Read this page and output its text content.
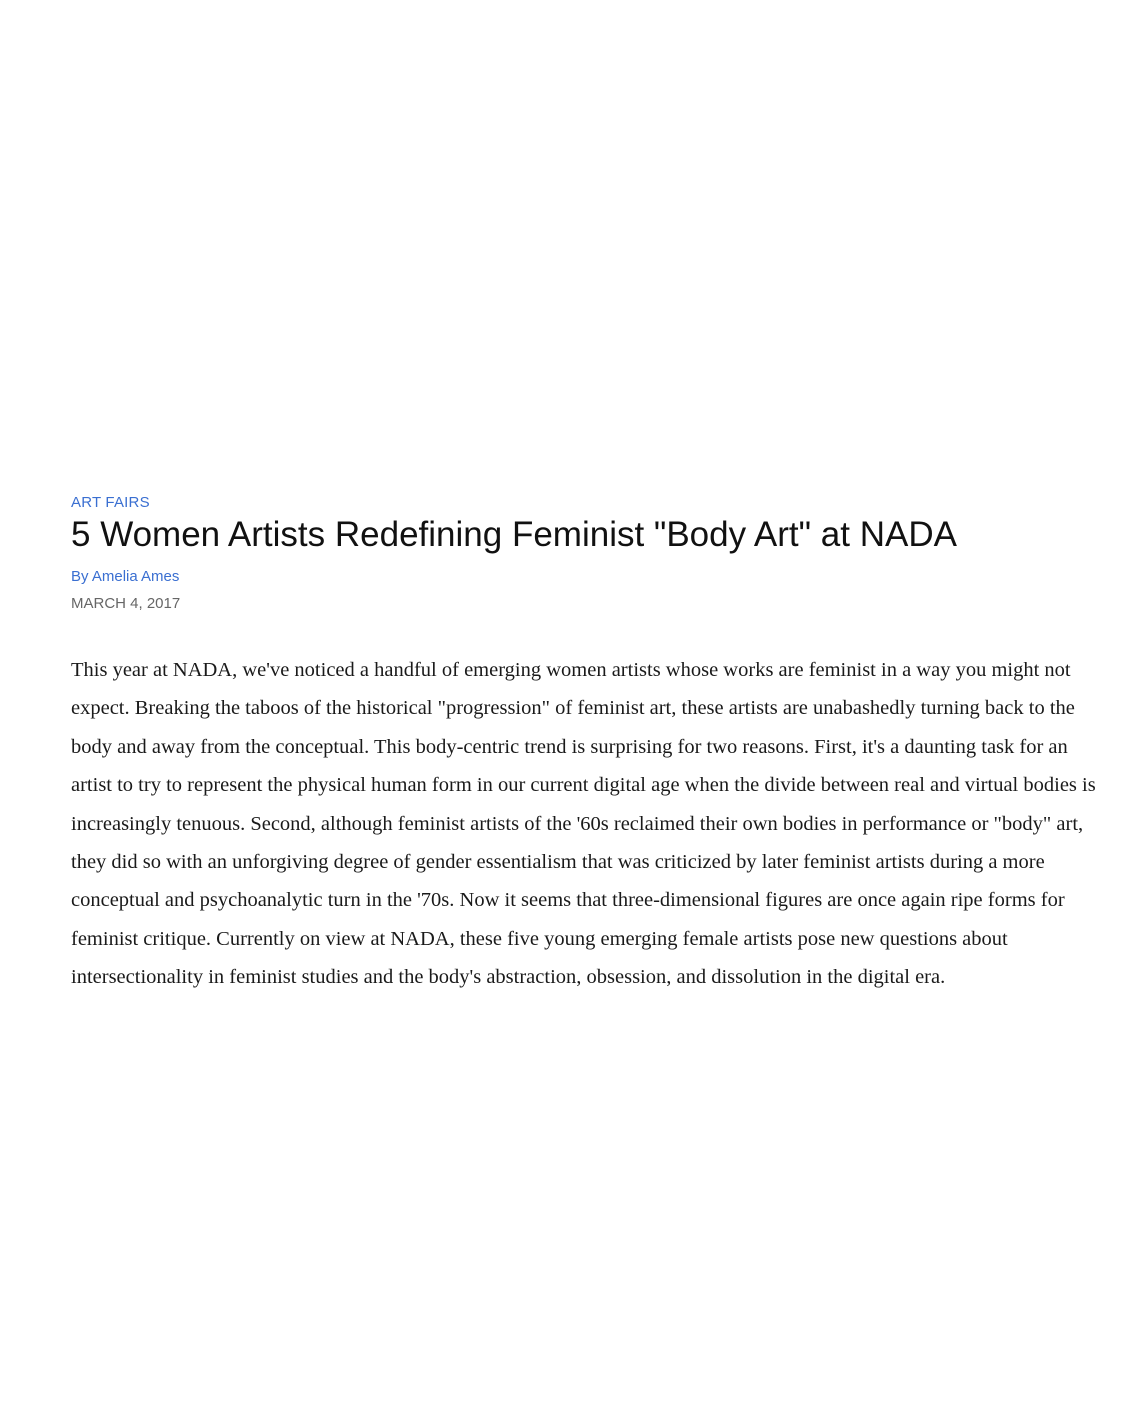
ART FAIRS
5 Women Artists Redefining Feminist "Body Art" at NADA
By Amelia Ames
MARCH 4, 2017

This year at NADA, we've noticed a handful of emerging women artists whose works are feminist in a way you might not expect. Breaking the taboos of the historical "progression" of feminist art, these artists are unabashedly turning back to the body and away from the conceptual. This body-centric trend is surprising for two reasons. First, it's a daunting task for an artist to try to represent the physical human form in our current digital age when the divide between real and virtual bodies is increasingly tenuous. Second, although feminist artists of the '60s reclaimed their own bodies in performance or "body" art, they did so with an unforgiving degree of gender essentialism that was criticized by later feminist artists during a more conceptual and psychoanalytic turn in the '70s. Now it seems that three-dimensional figures are once again ripe forms for feminist critique. Currently on view at NADA, these five young emerging female artists pose new questions about intersectionality in feminist studies and the body's abstraction, obsession, and dissolution in the digital era.
